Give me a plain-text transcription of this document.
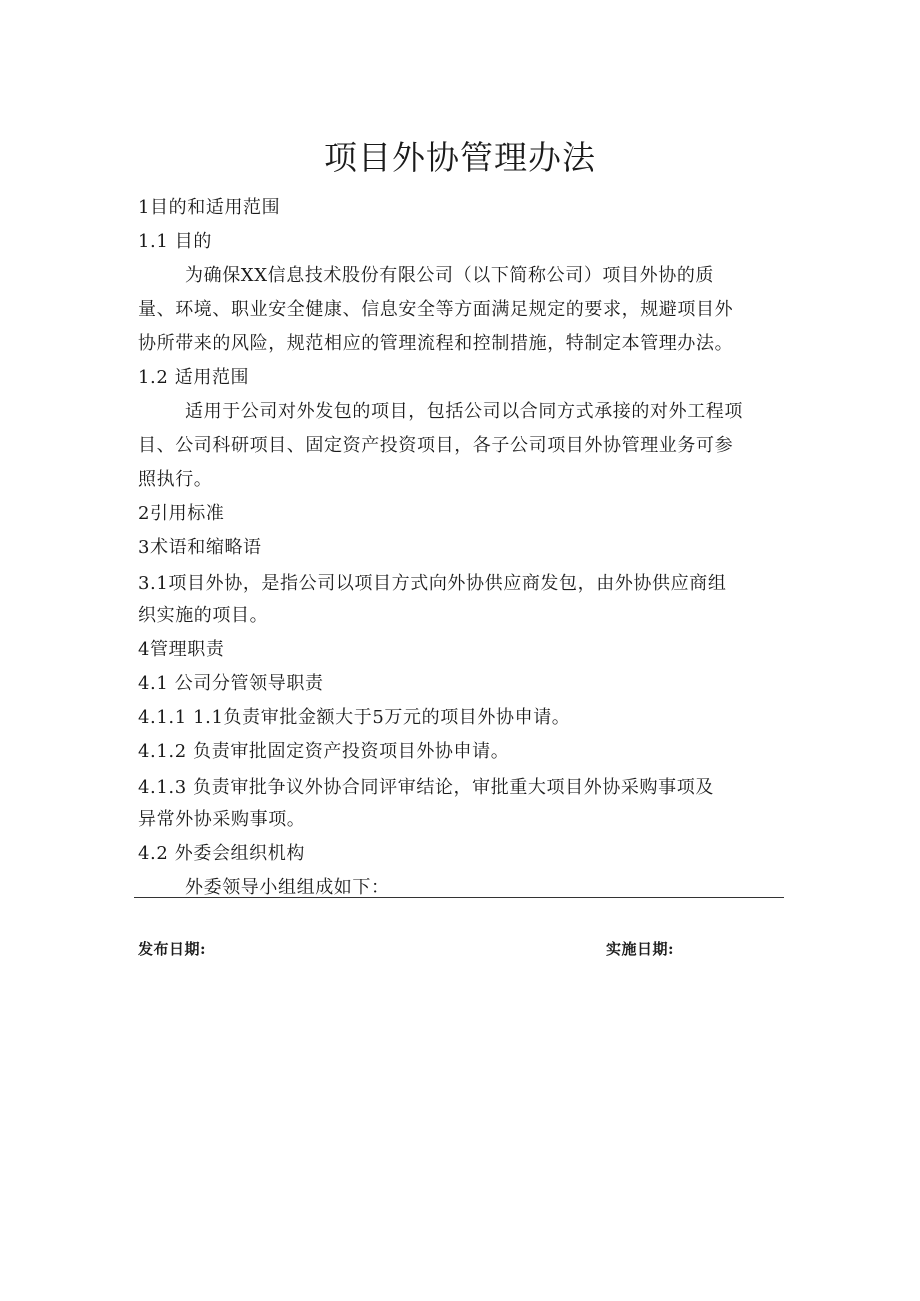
项目外协管理办法
1目的和适用范围
1.1 目的
为确保XX信息技术股份有限公司（以下简称公司）项目外协的质
量、环境、职业安全健康、信息安全等方面满足规定的要求，规避项目外
协所带来的风险，规范相应的管理流程和控制措施，特制定本管理办法。
1.2 适用范围
适用于公司对外发包的项目，包括公司以合同方式承接的对外工程项
目、公司科研项目、固定资产投资项目，各子公司项目外协管理业务可参
照执行。
2引用标准
3术语和缩略语
3.1项目外协，是指公司以项目方式向外协供应商发包，由外协供应商组
织实施的项目。
4管理职责
4.1 公司分管领导职责
4.1.1 1.1负责审批金额大于5万元的项目外协申请。
4.1.2 负责审批固定资产投资项目外协申请。
4.1.3 负责审批争议外协合同评审结论，审批重大项目外协采购事项及
异常外协采购事项。
4.2 外委会组织机构
外委领导小组组成如下：
发布日期:	实施日期:
